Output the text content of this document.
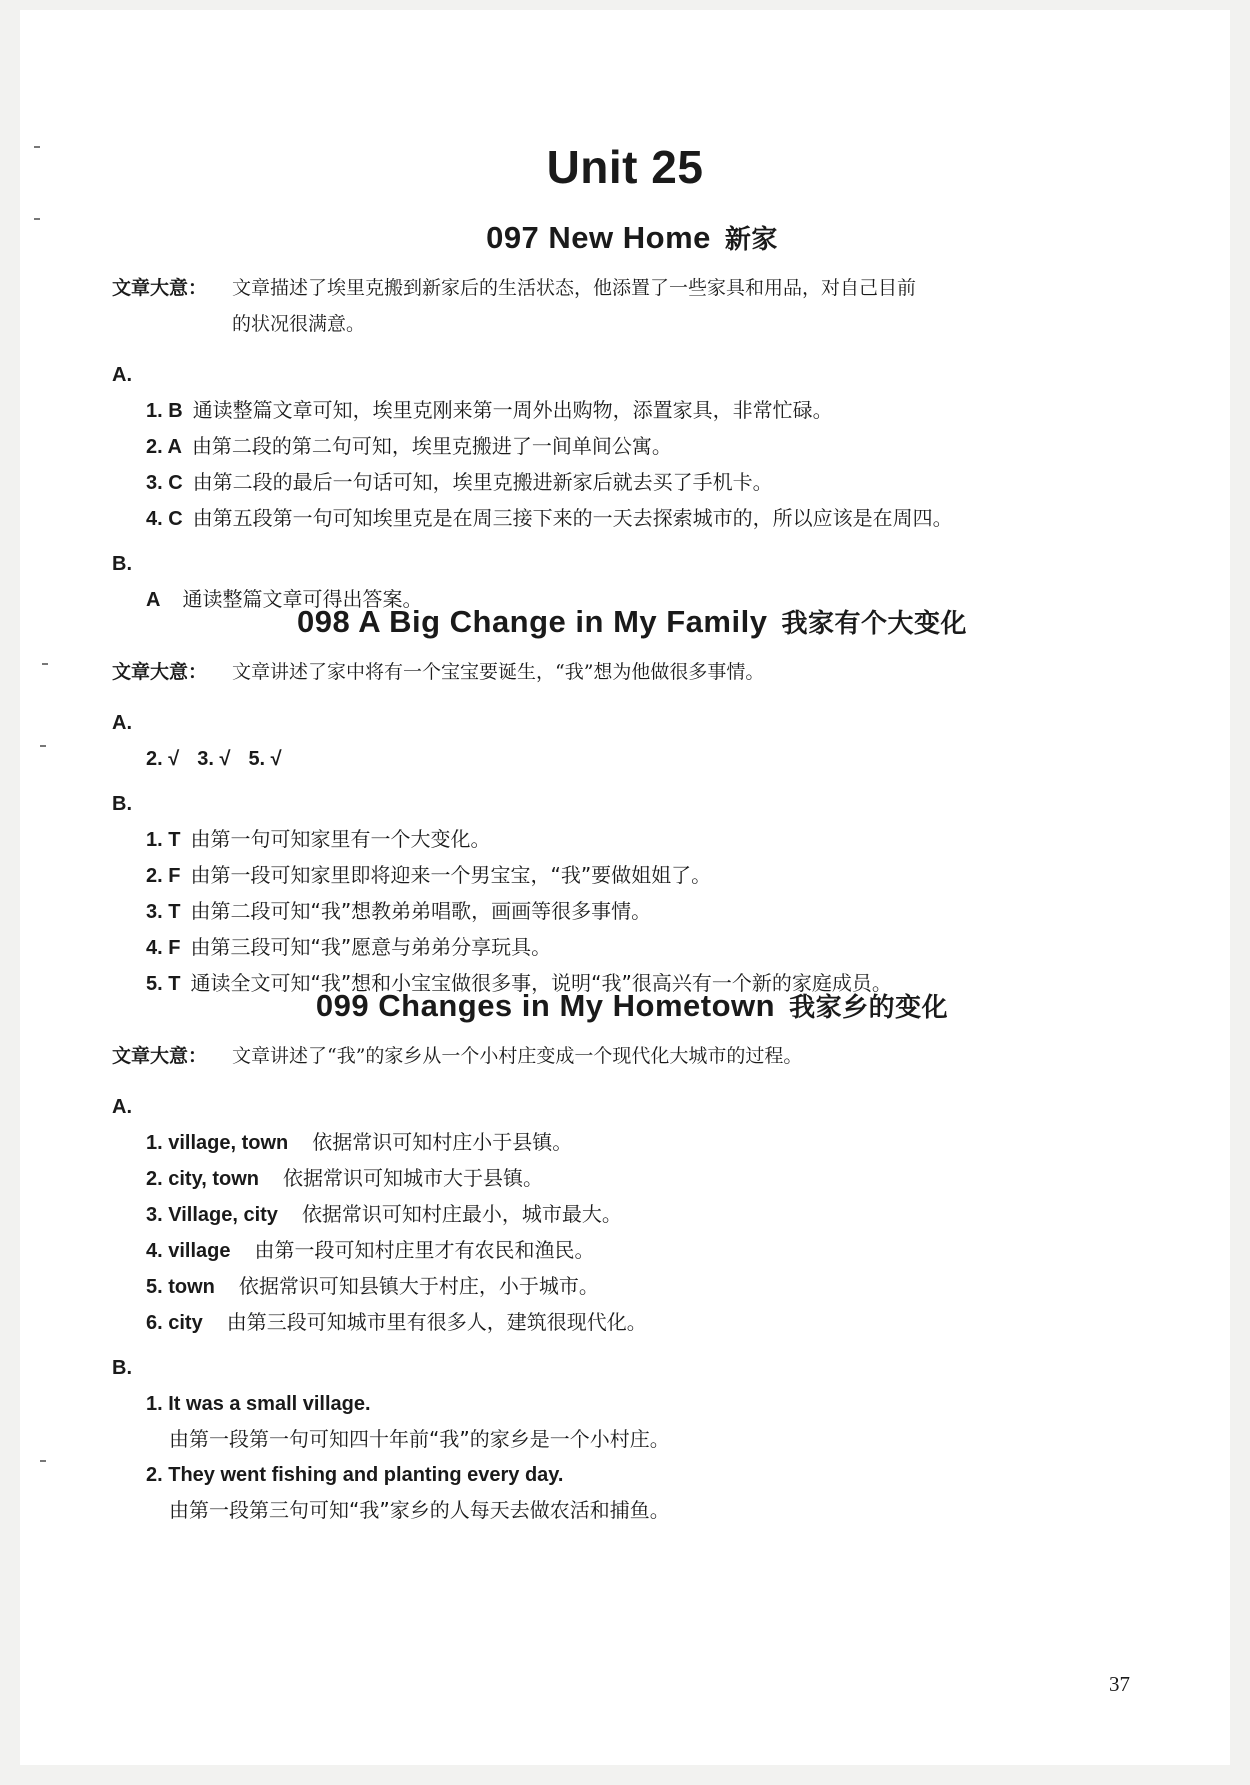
Unit 25
097 New Home 新家
文章大意： 文章描述了埃里克搬到新家后的生活状态，他添置了一些家具和用品，对自己目前
的状况很满意。
A.
1. B 通读整篇文章可知，埃里克刚来第一周外出购物，添置家具，非常忙碌。
2. A 由第二段的第二句可知，埃里克搬进了一间单间公寓。
3. C 由第二段的最后一句话可知，埃里克搬进新家后就去买了手机卡。
4. C 由第五段第一句可知埃里克是在周三接下来的一天去探索城市的，所以应该是在周四。
B.
A 通读整篇文章可得出答案。
098 A Big Change in My Family 我家有个大变化
文章大意： 文章讲述了家中将有一个宝宝要诞生，“我”想为他做很多事情。
A.
2. √ 3. √ 5. √
B.
1. T 由第一句可知家里有一个大变化。
2. F 由第一段可知家里即将迎来一个男宝宝，“我”要做姐姐了。
3. T 由第二段可知“我”想教弟弟唱歌，画画等很多事情。
4. F 由第三段可知“我”愿意与弟弟分享玩具。
5. T 通读全文可知“我”想和小宝宝做很多事，说明“我”很高兴有一个新的家庭成员。
099 Changes in My Hometown 我家乡的变化
文章大意： 文章讲述了“我”的家乡从一个小村庄变成一个现代化大城市的过程。
A.
1. village, town 依据常识可知村庄小于县镇。
2. city, town 依据常识可知城市大于县镇。
3. Village, city 依据常识可知村庄最小，城市最大。
4. village 由第一段可知村庄里才有农民和渔民。
5. town 依据常识可知县镇大于村庄，小于城市。
6. city 由第三段可知城市里有很多人，建筑很现代化。
B.
1. It was a small village.
由第一段第一句可知四十年前“我”的家乡是一个小村庄。
2. They went fishing and planting every day.
由第一段第三句可知“我”家乡的人每天去做农活和捕鱼。
37
